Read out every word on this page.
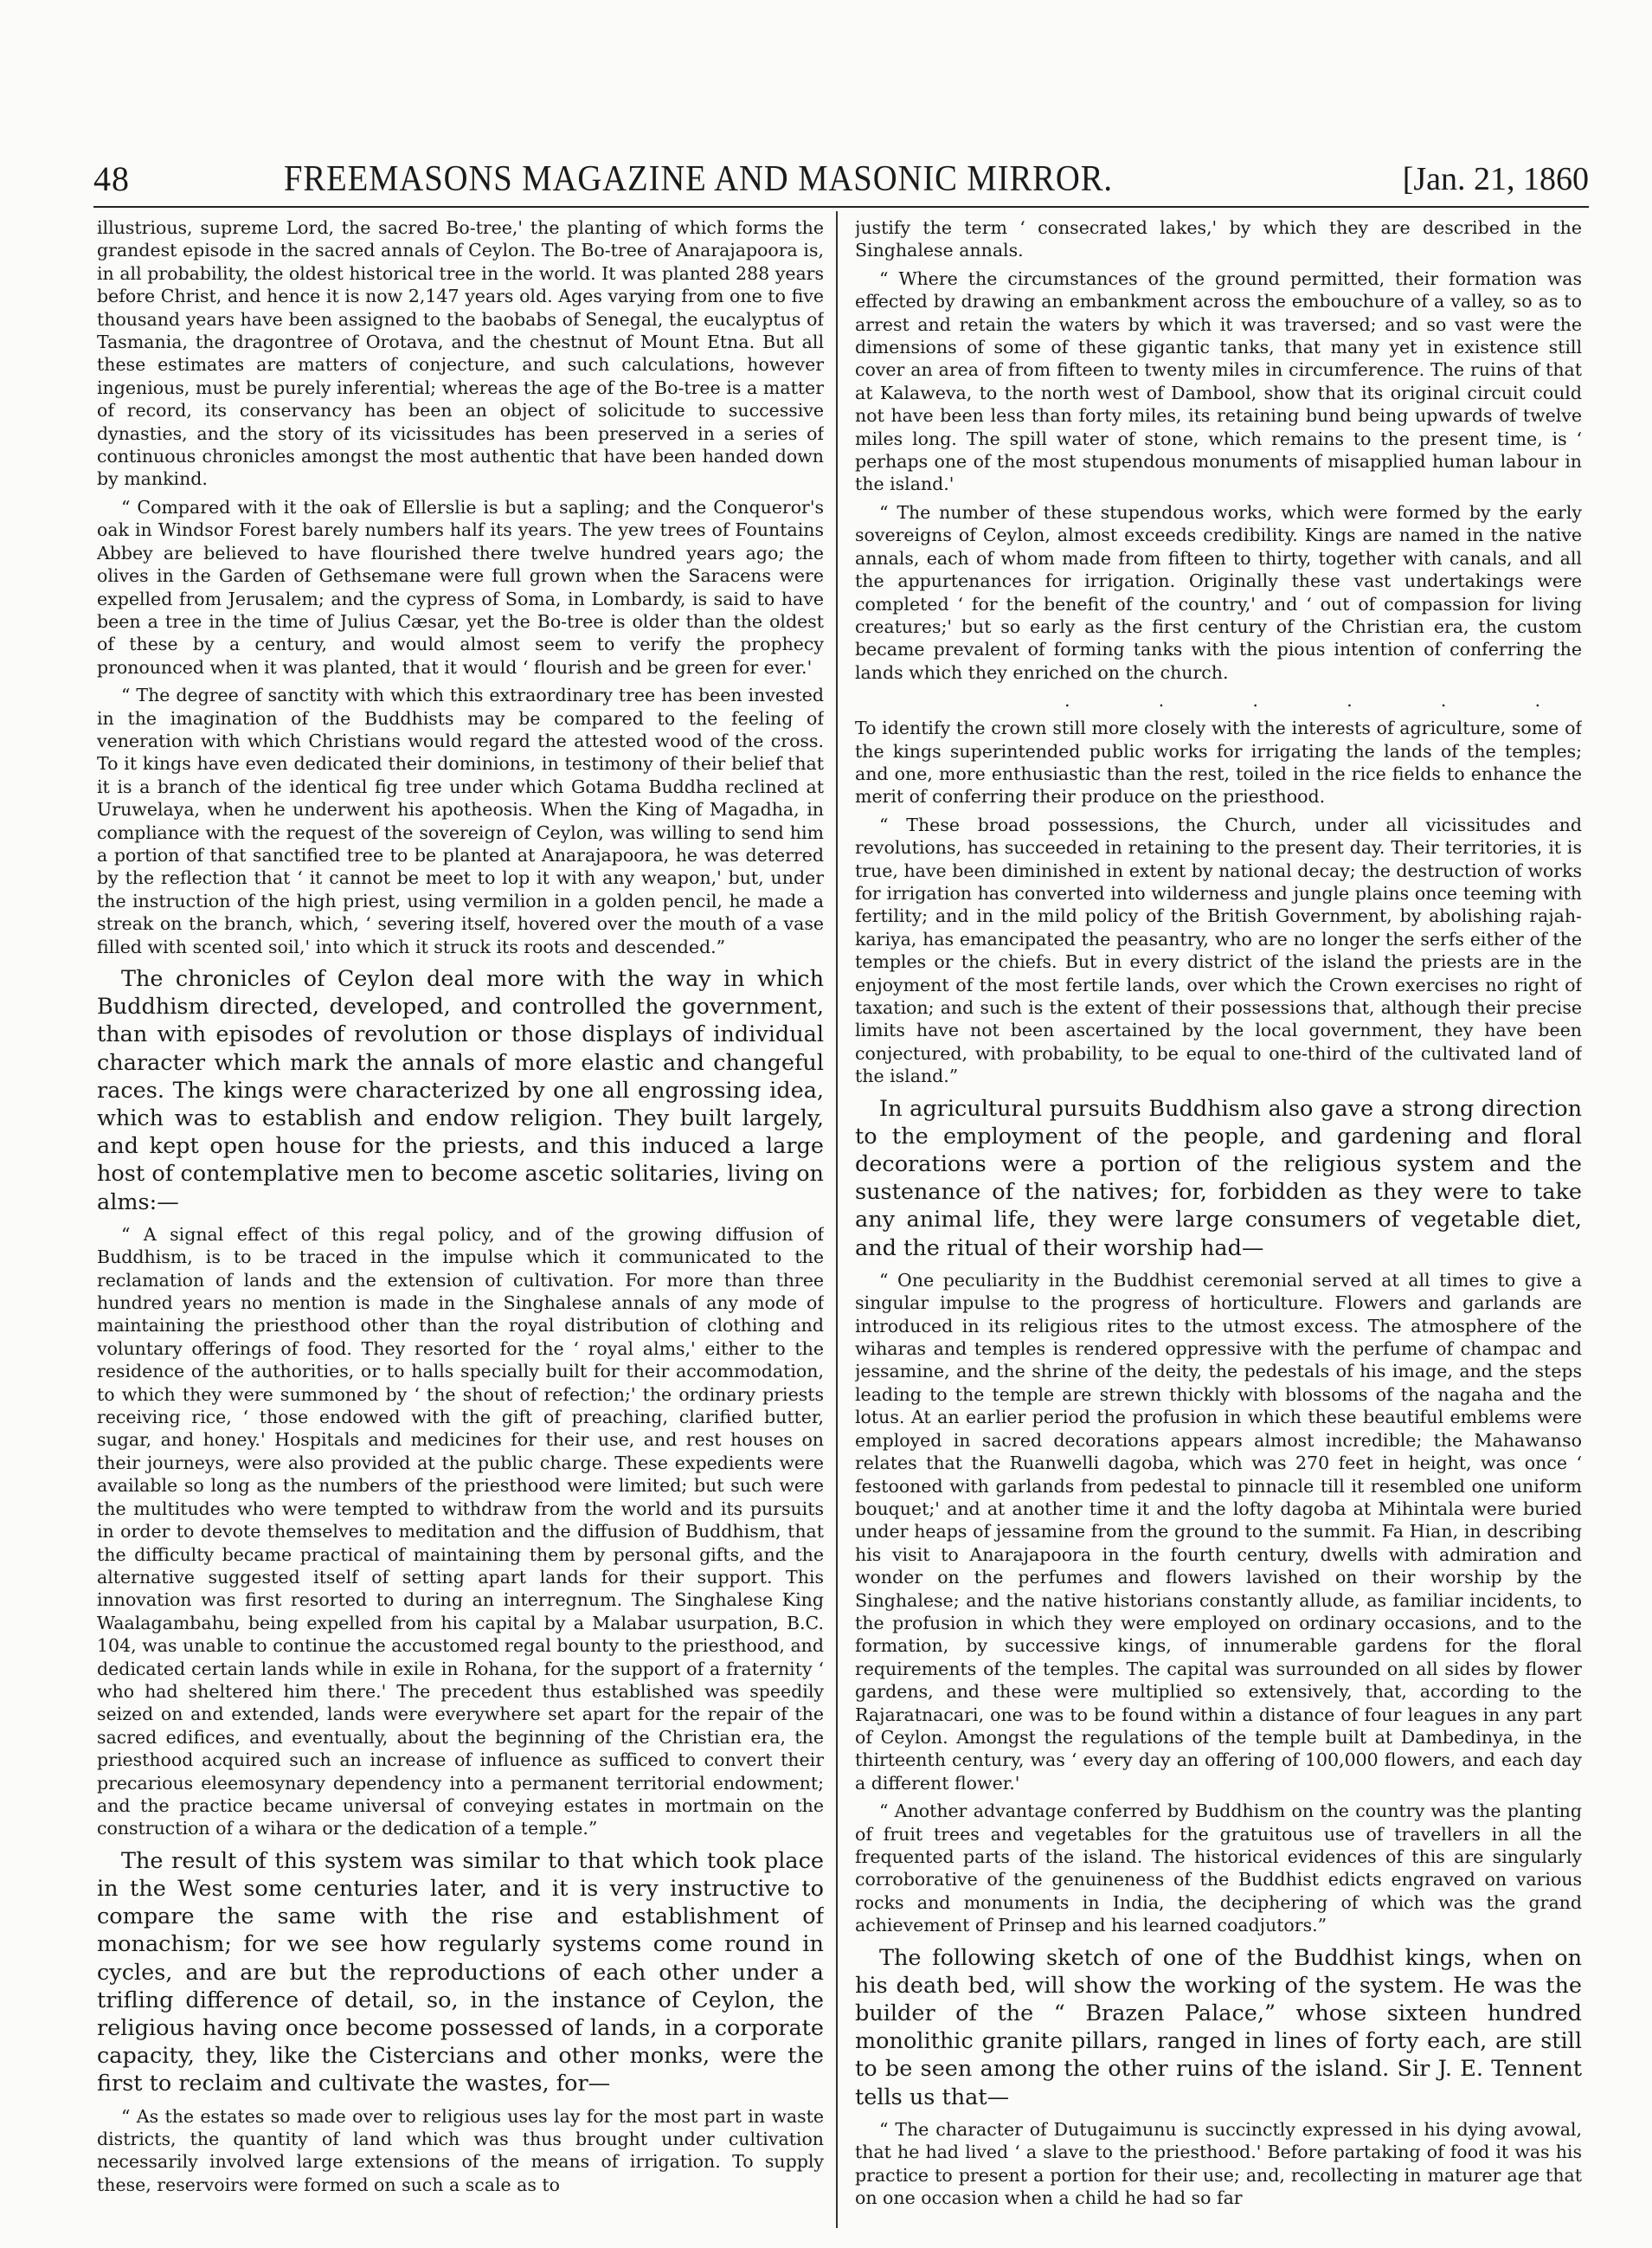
48	FREEMASONS MAGAZINE AND MASONIC MIRROR.	[Jan. 21, 1860

illustrious, supreme Lord, the sacred Bo-tree,' the planting of which forms the grandest episode in the sacred annals of Ceylon. The Bo-tree of Anarajapoora is, in all probability, the oldest historical tree in the world. It was planted 288 years before Christ, and hence it is now 2,147 years old. Ages varying from one to five thousand years have been assigned to the baobabs of Senegal, the eucalyptus of Tasmania, the dragontree of Orotava, and the chestnut of Mount Etna. But all these estimates are matters of conjecture, and such calculations, however ingenious, must be purely inferential; whereas the age of the Bo-tree is a matter of record, its conservancy has been an object of solicitude to successive dynasties, and the story of its vicissitudes has been preserved in a series of continuous chronicles amongst the most authentic that have been handed down by mankind.

“ Compared with it the oak of Ellerslie is but a sapling; and the Conqueror's oak in Windsor Forest barely numbers half its years. The yew trees of Fountains Abbey are believed to have flourished there twelve hundred years ago; the olives in the Garden of Gethsemane were full grown when the Saracens were expelled from Jerusalem; and the cypress of Soma, in Lombardy, is said to have been a tree in the time of Julius Cæsar, yet the Bo-tree is older than the oldest of these by a century, and would almost seem to verify the prophecy pronounced when it was planted, that it would ‘ flourish and be green for ever.'

“ The degree of sanctity with which this extraordinary tree has been invested in the imagination of the Buddhists may be compared to the feeling of veneration with which Christians would regard the attested wood of the cross. To it kings have even dedicated their dominions, in testimony of their belief that it is a branch of the identical fig tree under which Gotama Buddha reclined at Uruwelaya, when he underwent his apotheosis. When the King of Magadha, in compliance with the request of the sovereign of Ceylon, was willing to send him a portion of that sanctified tree to be planted at Anarajapoora, he was deterred by the reflection that ‘ it cannot be meet to lop it with any weapon,' but, under the instruction of the high priest, using vermilion in a golden pencil, he made a streak on the branch, which, ‘ severing itself, hovered over the mouth of a vase filled with scented soil,' into which it struck its roots and descended.”

The chronicles of Ceylon deal more with the way in which Buddhism directed, developed, and controlled the government, than with episodes of revolution or those displays of individual character which mark the annals of more elastic and changeful races. The kings were characterized by one all engrossing idea, which was to establish and endow religion. They built largely, and kept open house for the priests, and this induced a large host of contemplative men to become ascetic solitaries, living on alms:—

“ A signal effect of this regal policy, and of the growing diffusion of Buddhism, is to be traced in the impulse which it communicated to the reclamation of lands and the extension of cultivation. For more than three hundred years no mention is made in the Singhalese annals of any mode of maintaining the priesthood other than the royal distribution of clothing and voluntary offerings of food. They resorted for the ‘ royal alms,' either to the residence of the authorities, or to halls specially built for their accommodation, to which they were summoned by ‘ the shout of refection;' the ordinary priests receiving rice, ‘ those endowed with the gift of preaching, clarified butter, sugar, and honey.' Hospitals and medicines for their use, and rest houses on their journeys, were also provided at the public charge. These expedients were available so long as the numbers of the priesthood were limited; but such were the multitudes who were tempted to withdraw from the world and its pursuits in order to devote themselves to meditation and the diffusion of Buddhism, that the difficulty became practical of maintaining them by personal gifts, and the alternative suggested itself of setting apart lands for their support. This innovation was first resorted to during an interregnum. The Singhalese King Waalagambahu, being expelled from his capital by a Malabar usurpation, B.C. 104, was unable to continue the accustomed regal bounty to the priesthood, and dedicated certain lands while in exile in Rohana, for the support of a fraternity ‘ who had sheltered him there.' The precedent thus established was speedily seized on and extended, lands were everywhere set apart for the repair of the sacred edifices, and eventually, about the beginning of the Christian era, the priesthood acquired such an increase of influence as sufficed to convert their precarious eleemosynary dependency into a permanent territorial endowment; and the practice became universal of conveying estates in mortmain on the construction of a wihara or the dedication of a temple.”

The result of this system was similar to that which took place in the West some centuries later, and it is very instructive to compare the same with the rise and establishment of monachism; for we see how regularly systems come round in cycles, and are but the reproductions of each other under a trifling difference of detail, so, in the instance of Ceylon, the religious having once become possessed of lands, in a corporate capacity, they, like the Cistercians and other monks, were the first to reclaim and cultivate the wastes, for—

“ As the estates so made over to religious uses lay for the most part in waste districts, the quantity of land which was thus brought under cultivation necessarily involved large extensions of the means of irrigation. To supply these, reservoirs were formed on such a scale as to

justify the term ‘ consecrated lakes,' by which they are described in the Singhalese annals.

“ Where the circumstances of the ground permitted, their formation was effected by drawing an embankment across the embouchure of a valley, so as to arrest and retain the waters by which it was traversed; and so vast were the dimensions of some of these gigantic tanks, that many yet in existence still cover an area of from fifteen to twenty miles in circumference. The ruins of that at Kalaweva, to the north west of Dambool, show that its original circuit could not have been less than forty miles, its retaining bund being upwards of twelve miles long. The spill water of stone, which remains to the present time, is ‘ perhaps one of the most stupendous monuments of misapplied human labour in the island.'

“ The number of these stupendous works, which were formed by the early sovereigns of Ceylon, almost exceeds credibility. Kings are named in the native annals, each of whom made from fifteen to thirty, together with canals, and all the appurtenances for irrigation. Originally these vast undertakings were completed ‘ for the benefit of the country,' and ‘ out of compassion for living creatures;' but so early as the first century of the Christian era, the custom became prevalent of forming tanks with the pious intention of conferring the lands which they enriched on the church.

. . . . . .

To identify the crown still more closely with the interests of agriculture, some of the kings superintended public works for irrigating the lands of the temples; and one, more enthusiastic than the rest, toiled in the rice fields to enhance the merit of conferring their produce on the priesthood.

“ These broad possessions, the Church, under all vicissitudes and revolutions, has succeeded in retaining to the present day. Their territories, it is true, have been diminished in extent by national decay; the destruction of works for irrigation has converted into wilderness and jungle plains once teeming with fertility; and in the mild policy of the British Government, by abolishing rajah-kariya, has emancipated the peasantry, who are no longer the serfs either of the temples or the chiefs. But in every district of the island the priests are in the enjoyment of the most fertile lands, over which the Crown exercises no right of taxation; and such is the extent of their possessions that, although their precise limits have not been ascertained by the local government, they have been conjectured, with probability, to be equal to one-third of the cultivated land of the island.”

In agricultural pursuits Buddhism also gave a strong direction to the employment of the people, and gardening and floral decorations were a portion of the religious system and the sustenance of the natives; for, forbidden as they were to take any animal life, they were large consumers of vegetable diet, and the ritual of their worship had—

“ One peculiarity in the Buddhist ceremonial served at all times to give a singular impulse to the progress of horticulture. Flowers and garlands are introduced in its religious rites to the utmost excess. The atmosphere of the wiharas and temples is rendered oppressive with the perfume of champac and jessamine, and the shrine of the deity, the pedestals of his image, and the steps leading to the temple are strewn thickly with blossoms of the nagaha and the lotus. At an earlier period the profusion in which these beautiful emblems were employed in sacred decorations appears almost incredible; the Mahawanso relates that the Ruanwelli dagoba, which was 270 feet in height, was once ‘ festooned with garlands from pedestal to pinnacle till it resembled one uniform bouquet;' and at another time it and the lofty dagoba at Mihintala were buried under heaps of jessamine from the ground to the summit. Fa Hian, in describing his visit to Anarajapoora in the fourth century, dwells with admiration and wonder on the perfumes and flowers lavished on their worship by the Singhalese; and the native historians constantly allude, as familiar incidents, to the profusion in which they were employed on ordinary occasions, and to the formation, by successive kings, of innumerable gardens for the floral requirements of the temples. The capital was surrounded on all sides by flower gardens, and these were multiplied so extensively, that, according to the Rajaratnacari, one was to be found within a distance of four leagues in any part of Ceylon. Amongst the regulations of the temple built at Dambedinya, in the thirteenth century, was ‘ every day an offering of 100,000 flowers, and each day a different flower.'

“ Another advantage conferred by Buddhism on the country was the planting of fruit trees and vegetables for the gratuitous use of travellers in all the frequented parts of the island. The historical evidences of this are singularly corroborative of the genuineness of the Buddhist edicts engraved on various rocks and monuments in India, the deciphering of which was the grand achievement of Prinsep and his learned coadjutors.”

The following sketch of one of the Buddhist kings, when on his death bed, will show the working of the system. He was the builder of the “ Brazen Palace,” whose sixteen hundred monolithic granite pillars, ranged in lines of forty each, are still to be seen among the other ruins of the island. Sir J. E. Tennent tells us that—

“ The character of Dutugaimunu is succinctly expressed in his dying avowal, that he had lived ‘ a slave to the priesthood.' Before partaking of food it was his practice to present a portion for their use; and, recollecting in maturer age that on one occasion when a child he had so far
